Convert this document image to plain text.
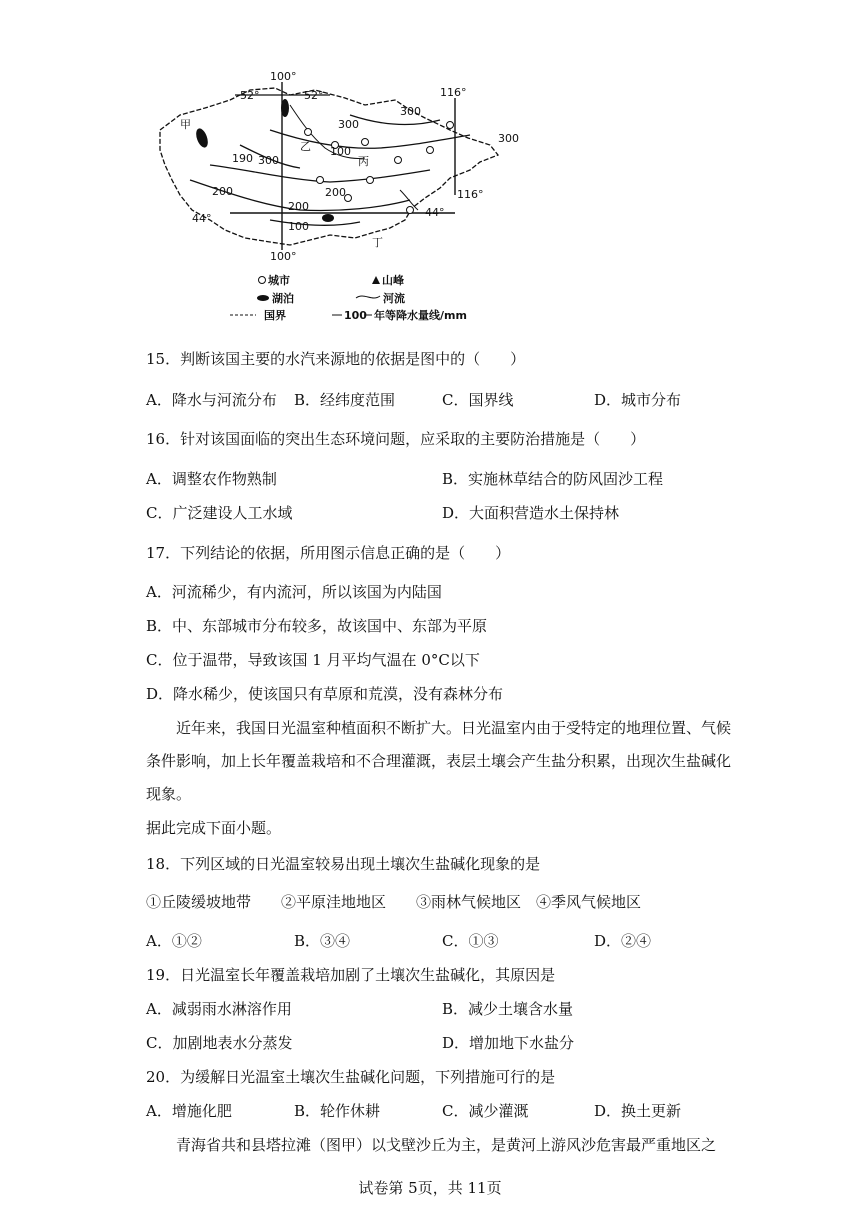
100°
116°
116°
100°
52°	52°
44°	44°
300
300
190 300
200	200
200
100
100
300
甲
乙
丙
丁
城市	山峰
湖泊	河流
国界	100 年等降水量线/mm
15．判断该国主要的水汽来源地的依据是图中的（　　）
A．降水与河流分布 B．经纬度范围	C．国界线	D．城市分布
16．针对该国面临的突出生态环境问题，应采取的主要防治措施是（　　）
A．调整农作物熟制	B．实施林草结合的防风固沙工程
C．广泛建设人工水域	D．大面积营造水土保持林
17．下列结论的依据，所用图示信息正确的是（　　）
A．河流稀少，有内流河，所以该国为内陆国
B．中、东部城市分布较多，故该国中、东部为平原
C．位于温带，导致该国 1 月平均气温在 0°C以下
D．降水稀少，使该国只有草原和荒漠，没有森林分布
近年来，我国日光温室种植面积不断扩大。日光温室内由于受特定的地理位置、气候条件影响，加上长年覆盖栽培和不合理灌溉，表层土壤会产生盐分积累，出现次生盐碱化现象。
据此完成下面小题。
18．下列区域的日光温室较易出现土壤次生盐碱化现象的是
①丘陵缓坡地带　　②平原洼地地区　　③雨林气候地区　④季风气候地区
A．①②	B．③④	C．①③	D．②④
19．日光温室长年覆盖栽培加剧了土壤次生盐碱化，其原因是
A．减弱雨水淋溶作用	B．减少土壤含水量
C．加剧地表水分蒸发	D．增加地下水盐分
20．为缓解日光温室土壤次生盐碱化问题，下列措施可行的是
A．增施化肥	B．轮作休耕	C．减少灌溉	D．换土更新
青海省共和县塔拉滩（图甲）以戈壁沙丘为主，是黄河上游风沙危害最严重地区之
试卷第 5页，共 11页
